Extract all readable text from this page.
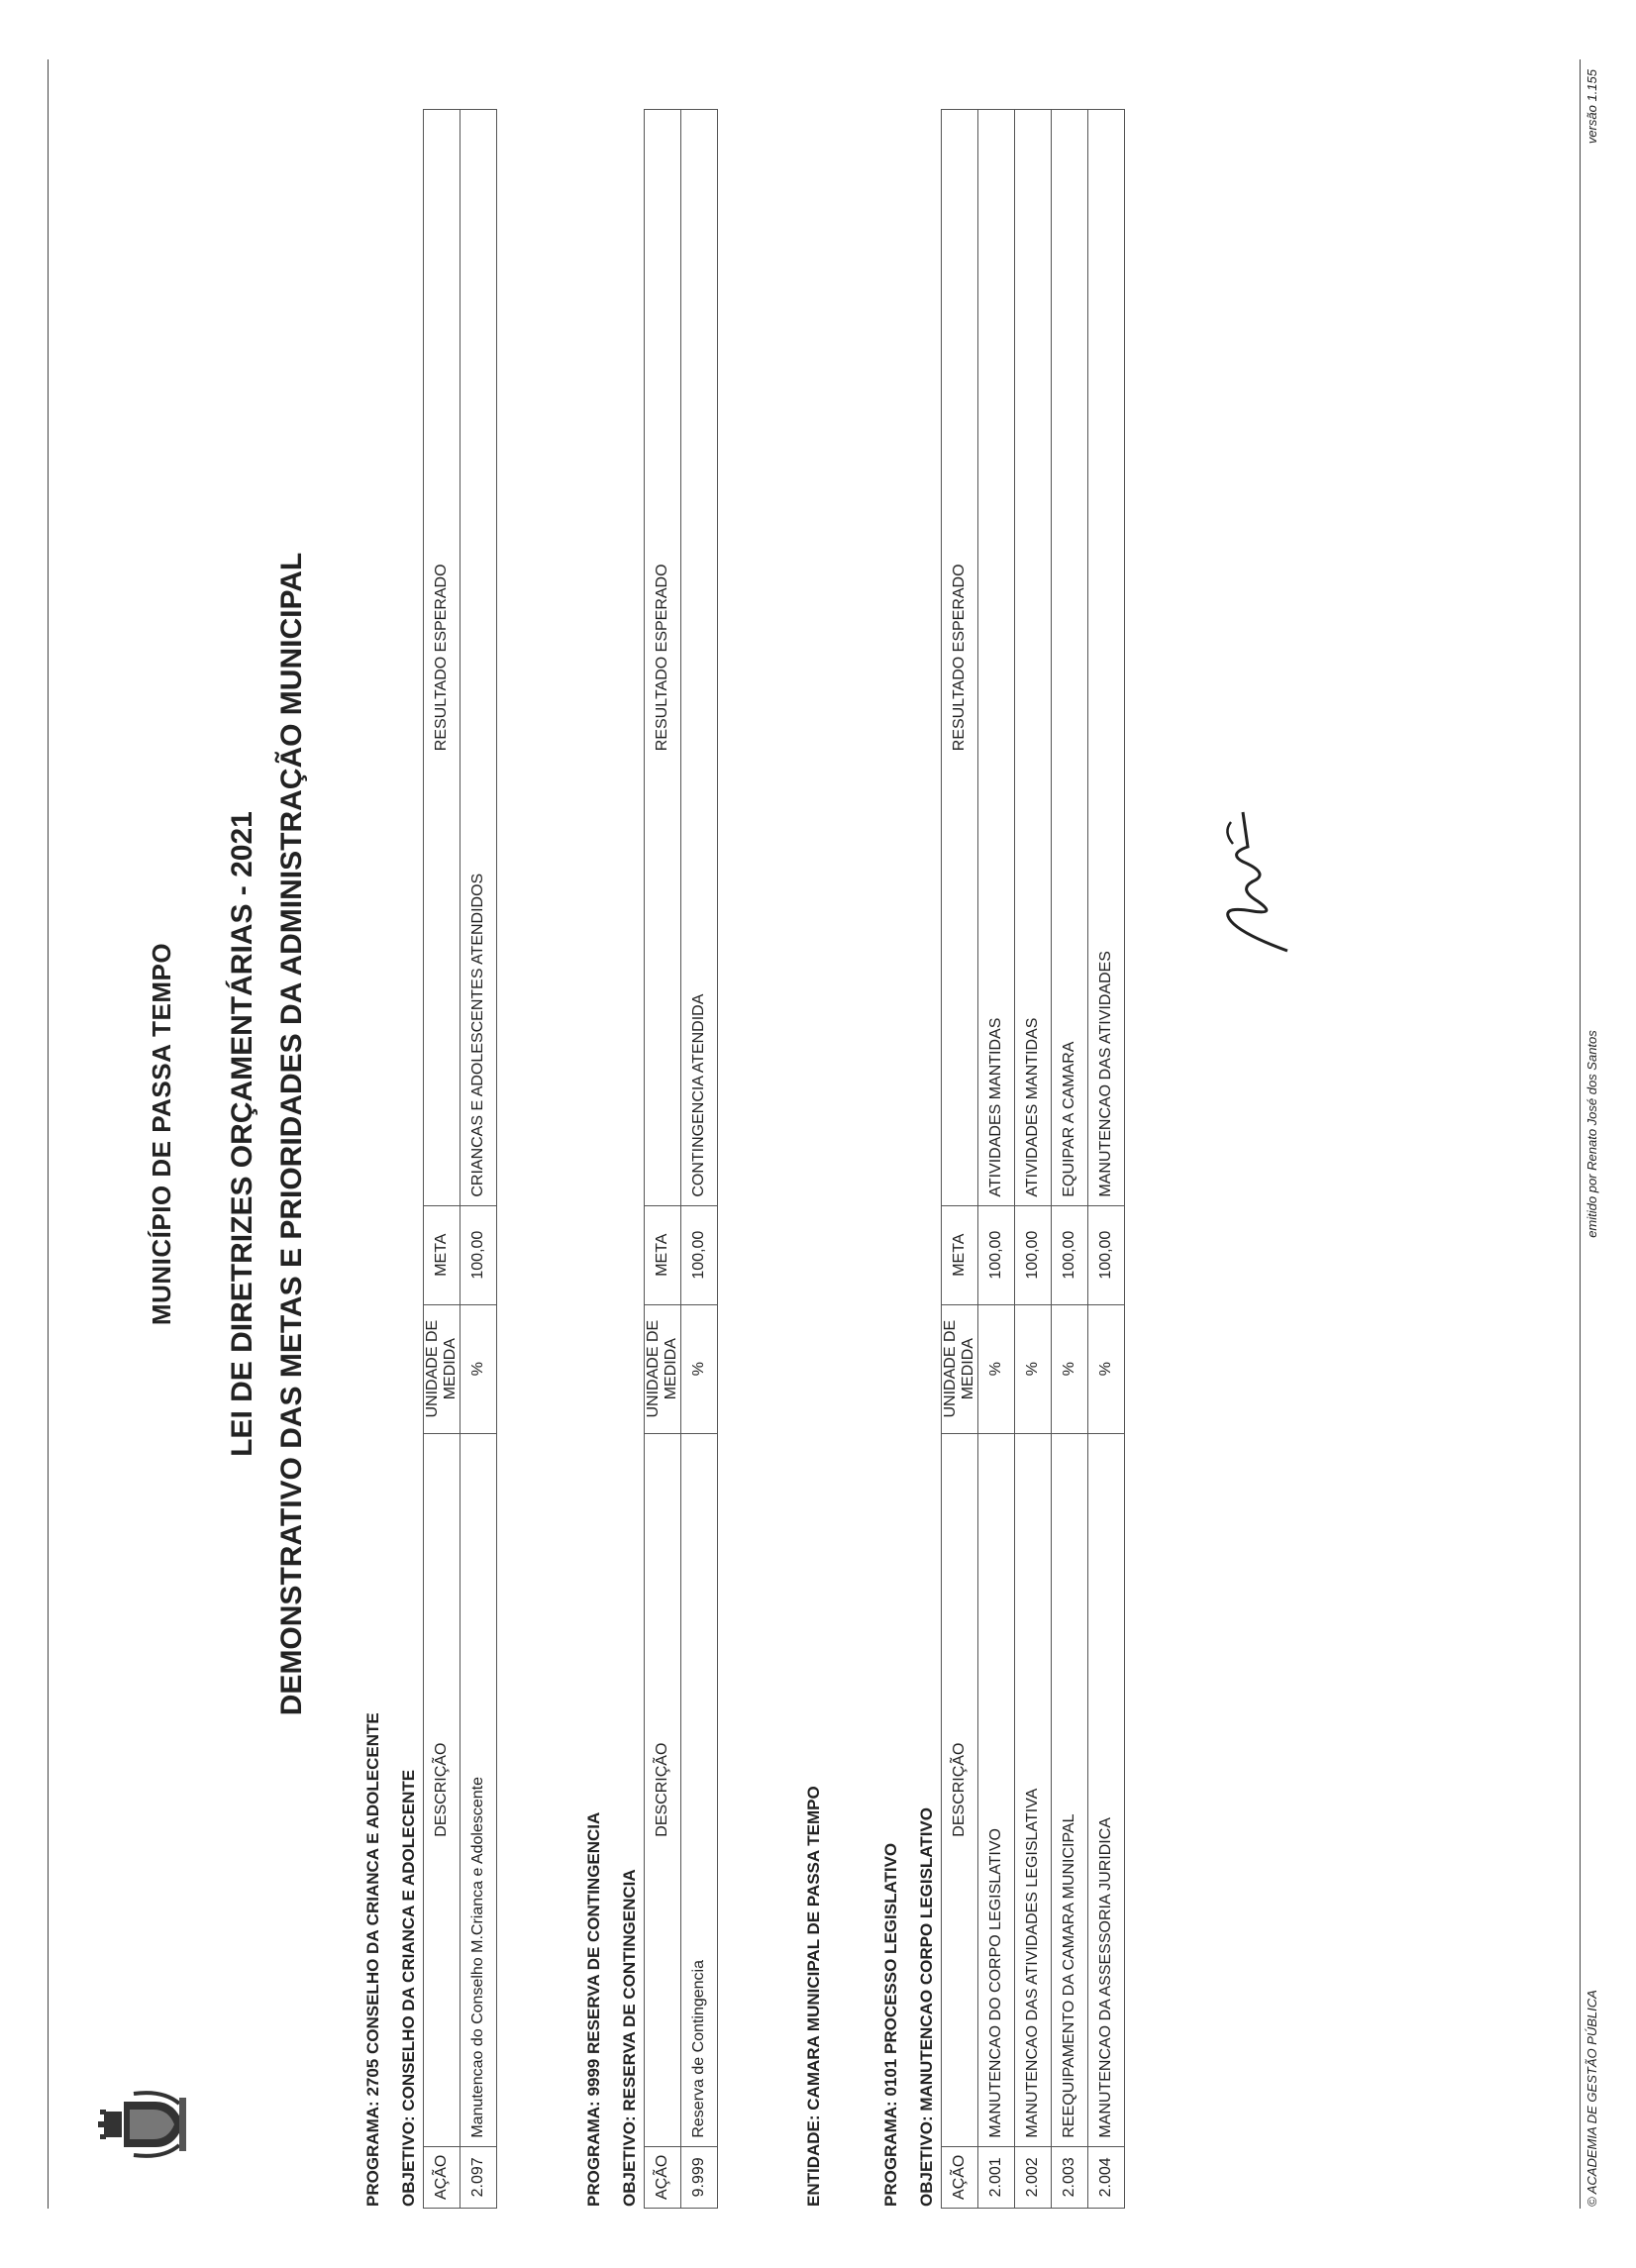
MUNICÍPIO DE PASSA TEMPO LEI DE DIRETRIZES ORÇAMENTÁRIAS - 2021 DEMONSTRATIVO DAS METAS E PRIORIDADES DA ADMINISTRAÇÃO MUNICIPAL
PROGRAMA: 2705 CONSELHO DA CRIANCA E ADOLECENTE OBJETIVO: CONSELHO DA CRIANCA E ADOLECENTE AÇÃO	DESCRIÇÃO	UNIDADE DE MEDIDA	META	RESULTADO ESPERADO
2.097	Manutencao do Conselho M.Crianca e Adolescente	%	100,00	CRIANCAS E ADOLESCENTES ATENDIDOS
PROGRAMA: 9999 RESERVA DE CONTINGENCIA OBJETIVO: RESERVA DE CONTINGENCIA AÇÃO	DESCRIÇÃO	UNIDADE DE MEDIDA	META	RESULTADO ESPERADO
9.999	Reserva de Contingencia	%	100,00	CONTINGENCIA ATENDIDA
ENTIDADE: CAMARA MUNICIPAL DE PASSA TEMPO	PROGRAMA: 0101 PROCESSO LEGISLATIVO OBJETIVO: MANUTENCAO CORPO LEGISLATIVO AÇÃO	DESCRIÇÃO	UNIDADE DE MEDIDA	META	RESULTADO ESPERADO
2.001	MANUTENCAO DO CORPO LEGISLATIVO	%	100,00	ATIVIDADES MANTIDAS
2.002	MANUTENCAO DAS ATIVIDADES LEGISLATIVA	%	100,00	ATIVIDADES MANTIDAS
2.003	REEQUIPAMENTO DA CAMARA MUNICIPAL	%	100,00	EQUIPAR A CAMARA
2.004	MANUTENCAO DA ASSESSORIA JURIDICA	%	100,00	MANUTENCAO DAS ATIVIDADES
© ACADEMIA DE GESTÃO PÚBLICA
emitido por Renato José dos Santos
versão 1.155
